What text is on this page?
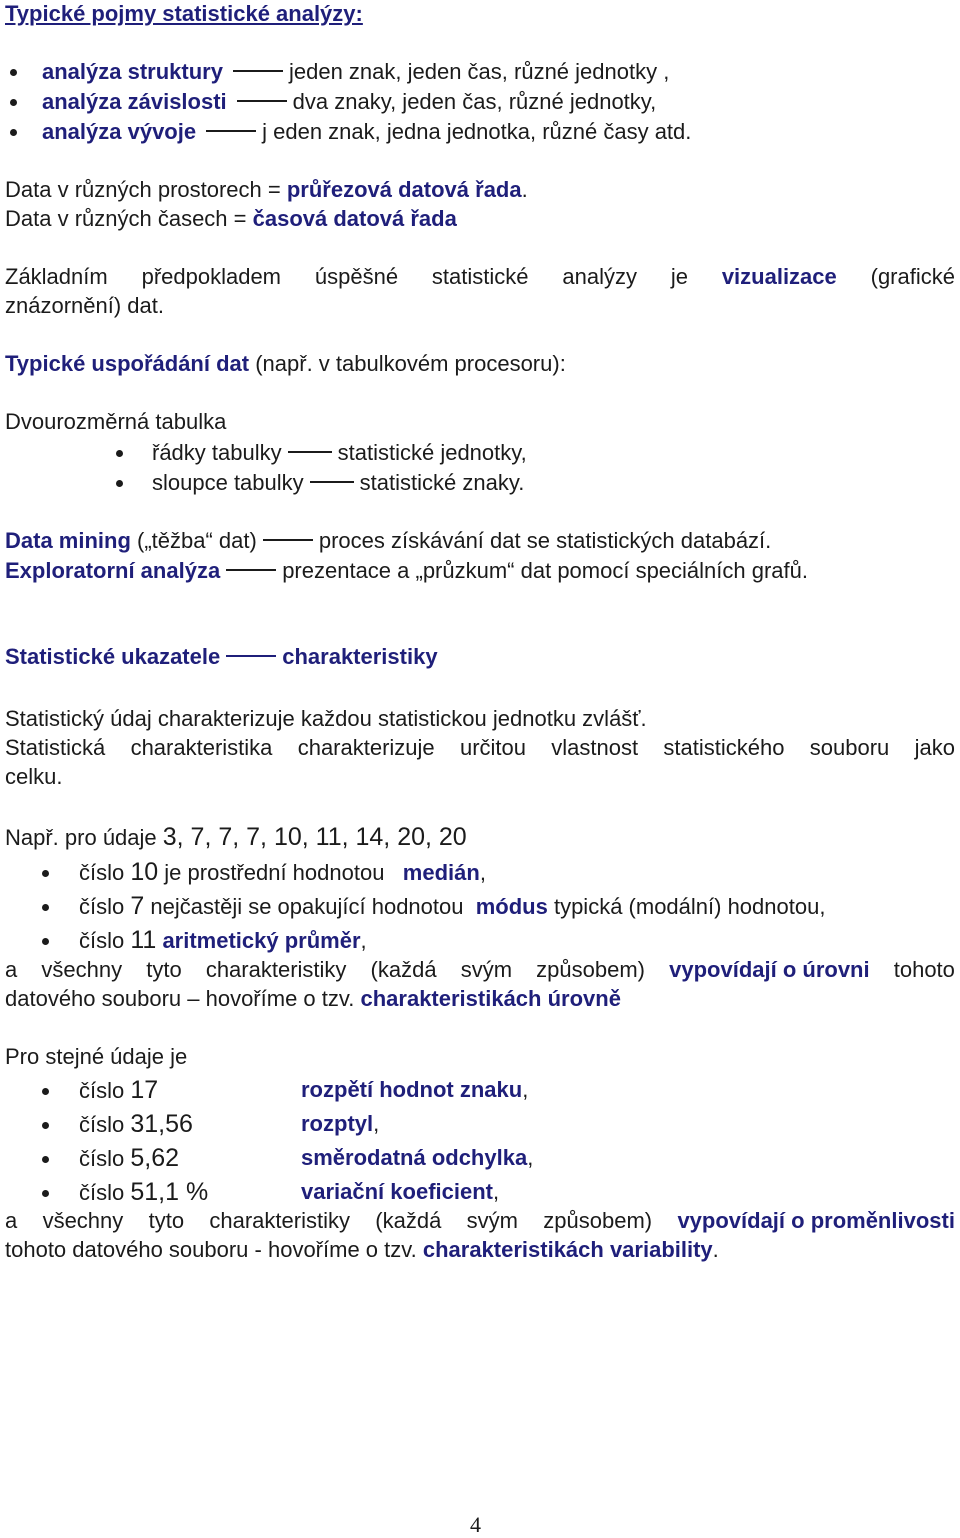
Typické pojmy statistické analýzy:
analýza struktury	jeden znak, jeden čas, různé jednotky ,
analýza závislosti	dva znaky, jeden čas, různé jednotky,
analýza vývoje	j eden znak, jedna jednotka, různé časy atd.
Data v různých prostorech = průřezová datová řada.
Data v různých časech = časová datová řada
Základním předpokladem úspěšné statistické analýzy je vizualizace (grafické
znázornění) dat.
Typické uspořádání dat (např. v tabulkovém procesoru):
Dvourozměrná tabulka
řádky tabulky	statistické jednotky,
sloupce tabulky	statistické znaky.
Data mining („těžba“ dat)	proces získávání dat se statistických databází.
Exploratorní analýza	prezentace a „průzkum“ dat pomocí speciálních grafů.
Statistické ukazatele	charakteristiky
Statistický údaj charakterizuje každou statistickou jednotku zvlášť.
Statistická charakteristika charakterizuje určitou vlastnost statistického souboru jako
celku.
Např. pro údaje 3, 7, 7, 7, 10, 11, 14, 20, 20
číslo 10 je prostřední hodnotou   medián,
číslo 7 nejčastěji se opakující hodnotou  módus typická (modální) hodnotou,
číslo 11 aritmetický průměr,
a všechny tyto charakteristiky (každá svým způsobem) vypovídají o úrovni tohoto
datového souboru – hovoříme o tzv. charakteristikách úrovně
Pro stejné údaje je
číslo 17	rozpětí hodnot znaku,
číslo 31,56	rozptyl,
číslo 5,62	směrodatná odchylka,
číslo 51,1 %	variační koeficient,
a všechny tyto charakteristiky (každá svým způsobem) vypovídají o proměnlivosti
tohoto datového souboru - hovoříme o tzv. charakteristikách variability.
4
